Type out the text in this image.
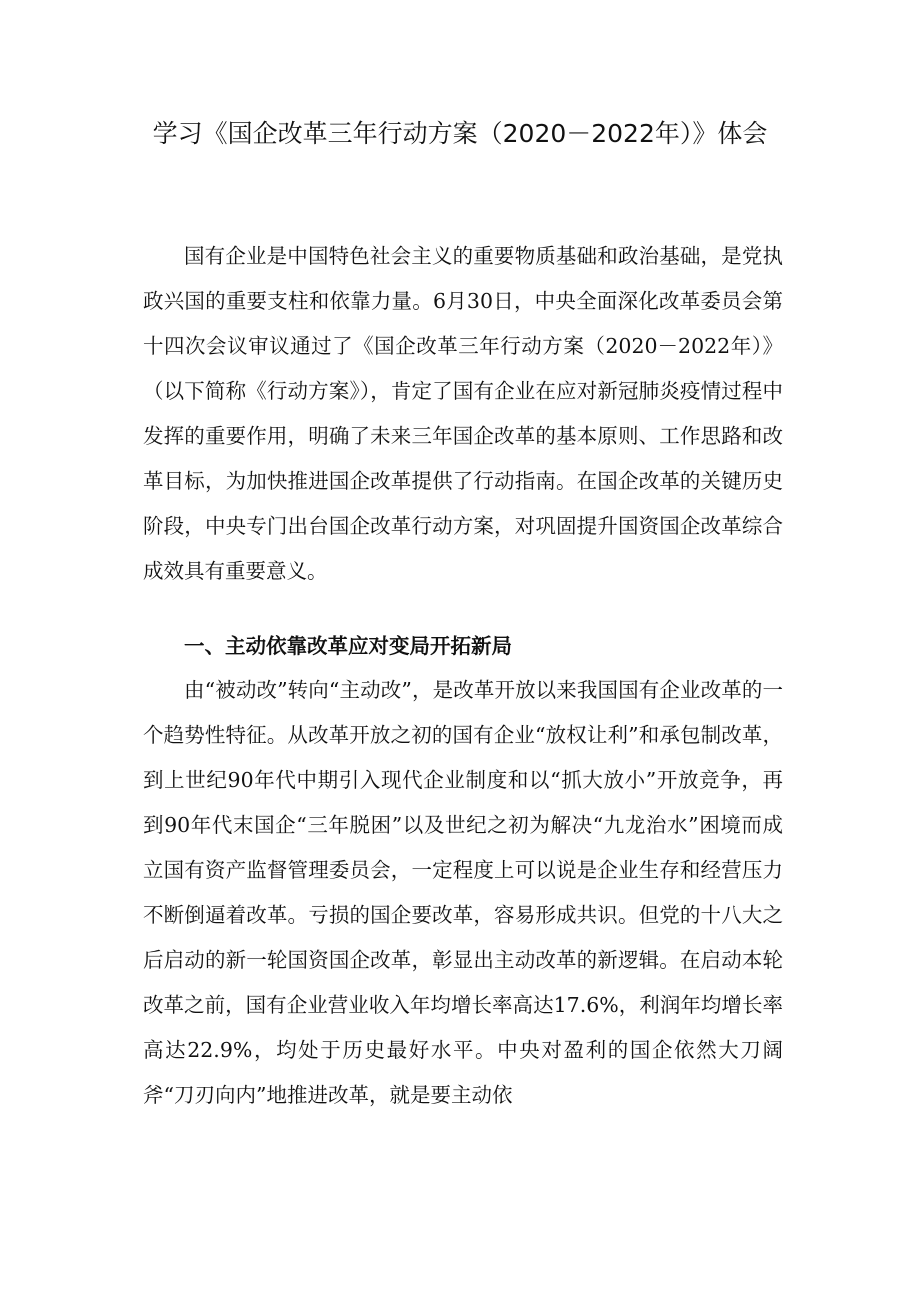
学习《国企改革三年行动方案（2020－2022年）》体会

国有企业是中国特色社会主义的重要物质基础和政治基础，是党执政兴国的重要支柱和依靠力量。6月30日，中央全面深化改革委员会第十四次会议审议通过了《国企改革三年行动方案（2020－2022年）》（以下简称《行动方案》），肯定了国有企业在应对新冠肺炎疫情过程中发挥的重要作用，明确了未来三年国企改革的基本原则、工作思路和改革目标，为加快推进国企改革提供了行动指南。在国企改革的关键历史阶段，中央专门出台国企改革行动方案，对巩固提升国资国企改革综合成效具有重要意义。

一、主动依靠改革应对变局开拓新局

由“被动改”转向“主动改”，是改革开放以来我国国有企业改革的一个趋势性特征。从改革开放之初的国有企业“放权让利”和承包制改革，到上世纪90年代中期引入现代企业制度和以“抓大放小”开放竞争，再到90年代末国企“三年脱困”以及世纪之初为解决“九龙治水”困境而成立国有资产监督管理委员会，一定程度上可以说是企业生存和经营压力不断倒逼着改革。亏损的国企要改革，容易形成共识。但党的十八大之后启动的新一轮国资国企改革，彰显出主动改革的新逻辑。在启动本轮改革之前，国有企业营业收入年均增长率高达17.6%，利润年均增长率高达22.9%，均处于历史最好水平。中央对盈利的国企依然大刀阔斧“刀刃向内”地推进改革，就是要主动依
